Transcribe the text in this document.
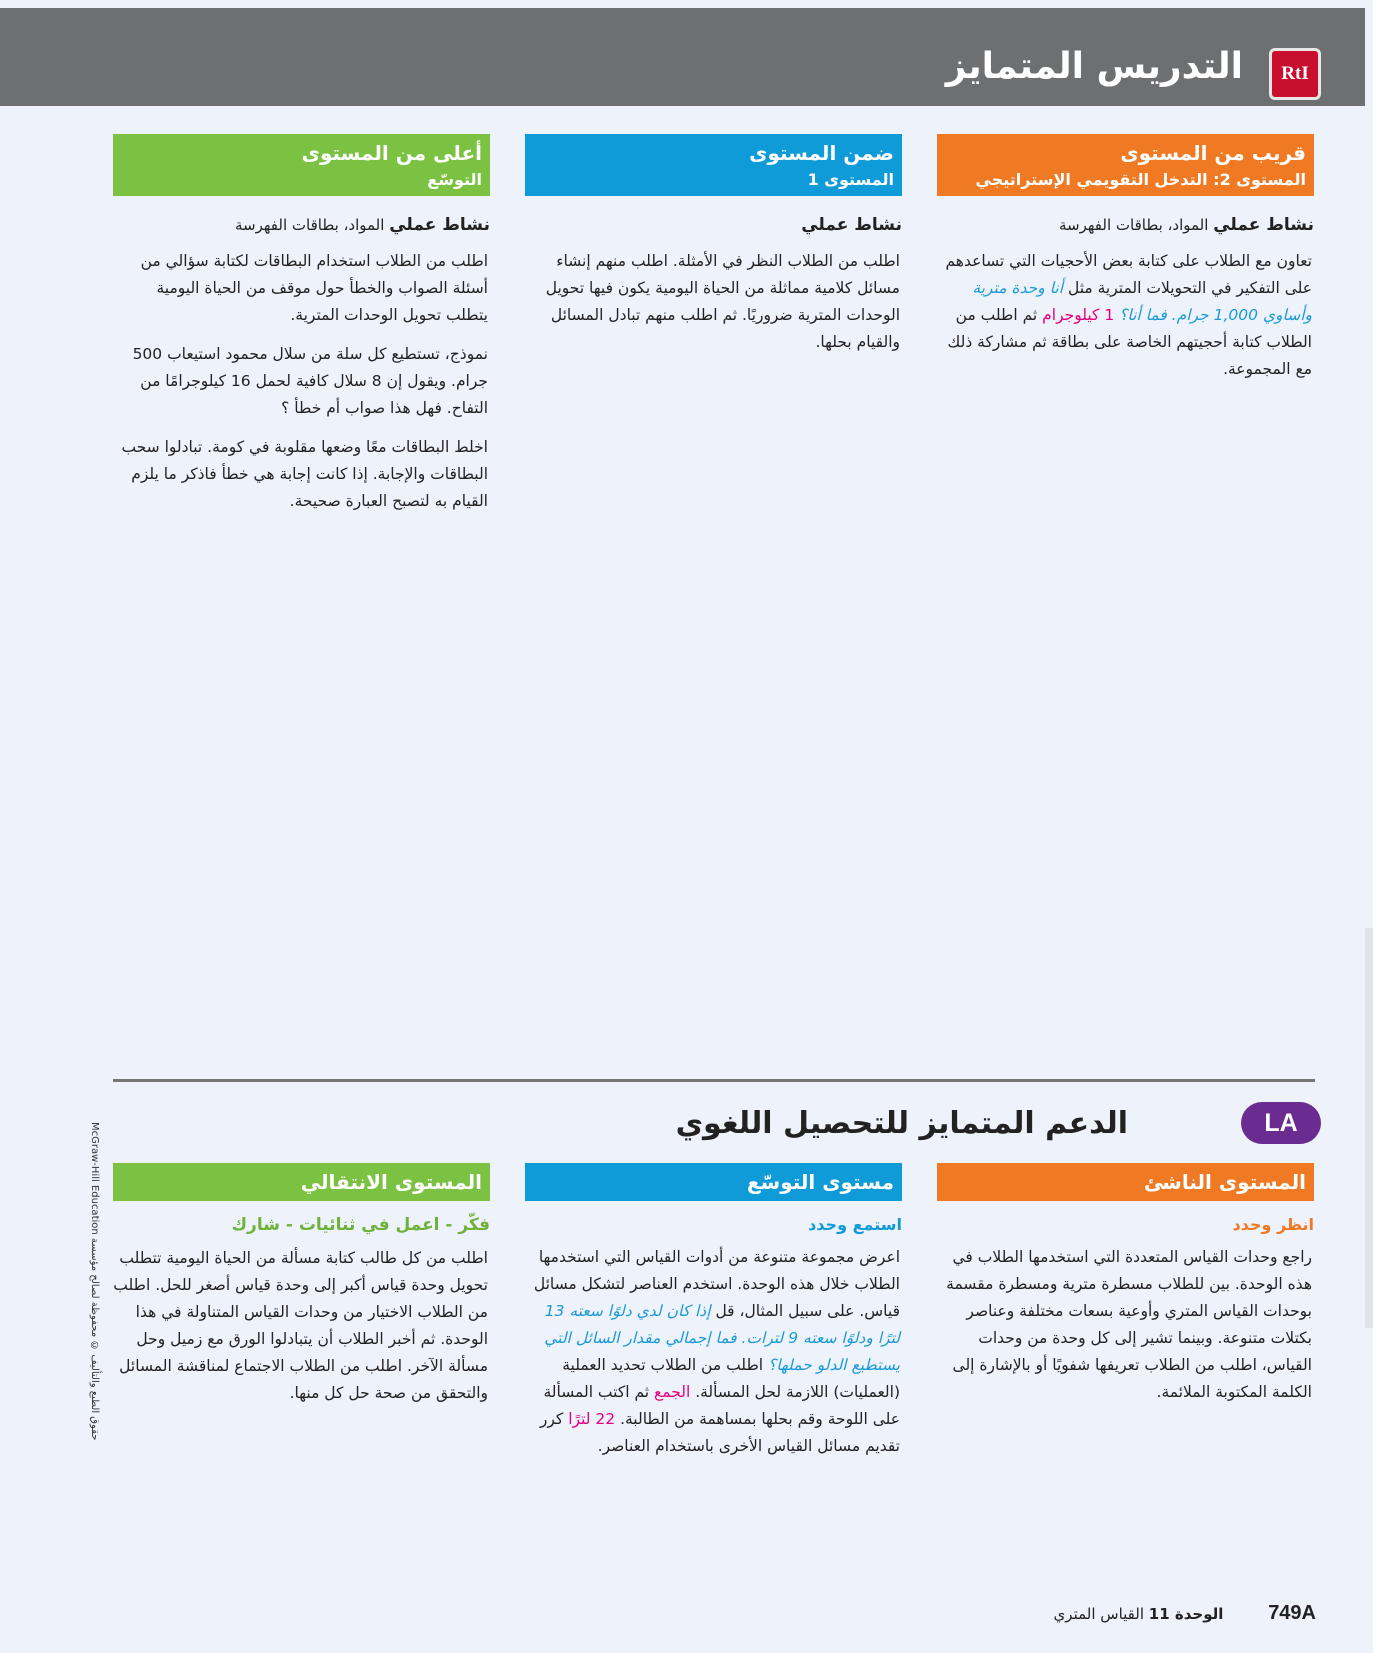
RtI
التدريس المتمايز
قريب من المستوى
المستوى 2: التدخل التقويمي الإستراتيجي
نشاط عملي المواد، بطاقات الفهرسة

تعاون مع الطلاب على كتابة بعض الأحجيات التي تساعدهم على التفكير في التحويلات المترية مثل أنا وحدة مترية وأساوي 1,000 جرام. فما أنا؟ 1 كيلوجرام ثم اطلب من الطلاب كتابة أحجيتهم الخاصة على بطاقة ثم مشاركة ذلك مع المجموعة.

ضمن المستوى
المستوى 1
نشاط عملي

اطلب من الطلاب النظر في الأمثلة. اطلب منهم إنشاء مسائل كلامية مماثلة من الحياة اليومية يكون فيها تحويل الوحدات المترية ضروريًا. ثم اطلب منهم تبادل المسائل والقيام بحلها.

أعلى من المستوى
التوسّع
نشاط عملي المواد، بطاقات الفهرسة

اطلب من الطلاب استخدام البطاقات لكتابة سؤالي من أسئلة الصواب والخطأ حول موقف من الحياة اليومية يتطلب تحويل الوحدات المترية.

نموذج، تستطيع كل سلة من سلال محمود استيعاب 500 جرام. ويقول إن 8 سلال كافية لحمل 16 كيلوجرامًا من التفاح. فهل هذا صواب أم خطأ ؟

اخلط البطاقات معًا وضعها مقلوبة في كومة. تبادلوا سحب البطاقات والإجابة. إذا كانت إجابة هي خطأ فاذكر ما يلزم القيام به لتصبح العبارة صحيحة.

LA
الدعم المتمايز للتحصيل اللغوي
المستوى الناشئ
انظر وحدد

راجع وحدات القياس المتعددة التي استخدمها الطلاب في هذه الوحدة. بين للطلاب مسطرة مترية ومسطرة مقسمة بوحدات القياس المتري وأوعية بسعات مختلفة وعناصر بكتلات متنوعة. وبينما تشير إلى كل وحدة من وحدات القياس، اطلب من الطلاب تعريفها شفويًا أو بالإشارة إلى الكلمة المكتوبة الملائمة.

مستوى التوسّع
استمع وحدد

اعرض مجموعة متنوعة من أدوات القياس التي استخدمها الطلاب خلال هذه الوحدة. استخدم العناصر لتشكل مسائل قياس. على سبيل المثال، قل إذا كان لدي دلوًا سعته 13 لترًا ودلوًا سعته 9 لترات. فما إجمالي مقدار السائل التي يستطيع الدلو حملها؟ اطلب من الطلاب تحديد العملية (العمليات) اللازمة لحل المسألة. الجمع ثم اكتب المسألة على اللوحة وقم بحلها بمساهمة من الطالبة. 22 لترًا كرر تقديم مسائل القياس الأخرى باستخدام العناصر.

المستوى الانتقالي
فكّر - اعمل في ثنائيات - شارك

اطلب من كل طالب كتابة مسألة من الحياة اليومية تتطلب تحويل وحدة قياس أكبر إلى وحدة قياس أصغر للحل. اطلب من الطلاب الاختيار من وحدات القياس المتناولة في هذا الوحدة. ثم أخبر الطلاب أن يتبادلوا الورق مع زميل وحل مسألة الآخر. اطلب من الطلاب الاجتماع لمناقشة المسائل والتحقق من صحة حل كل منها.

حقوق الطبع والتأليف © محفوظة لصالح مؤسسة McGraw-Hill Education
749A الوحدة 11 القياس المتري
